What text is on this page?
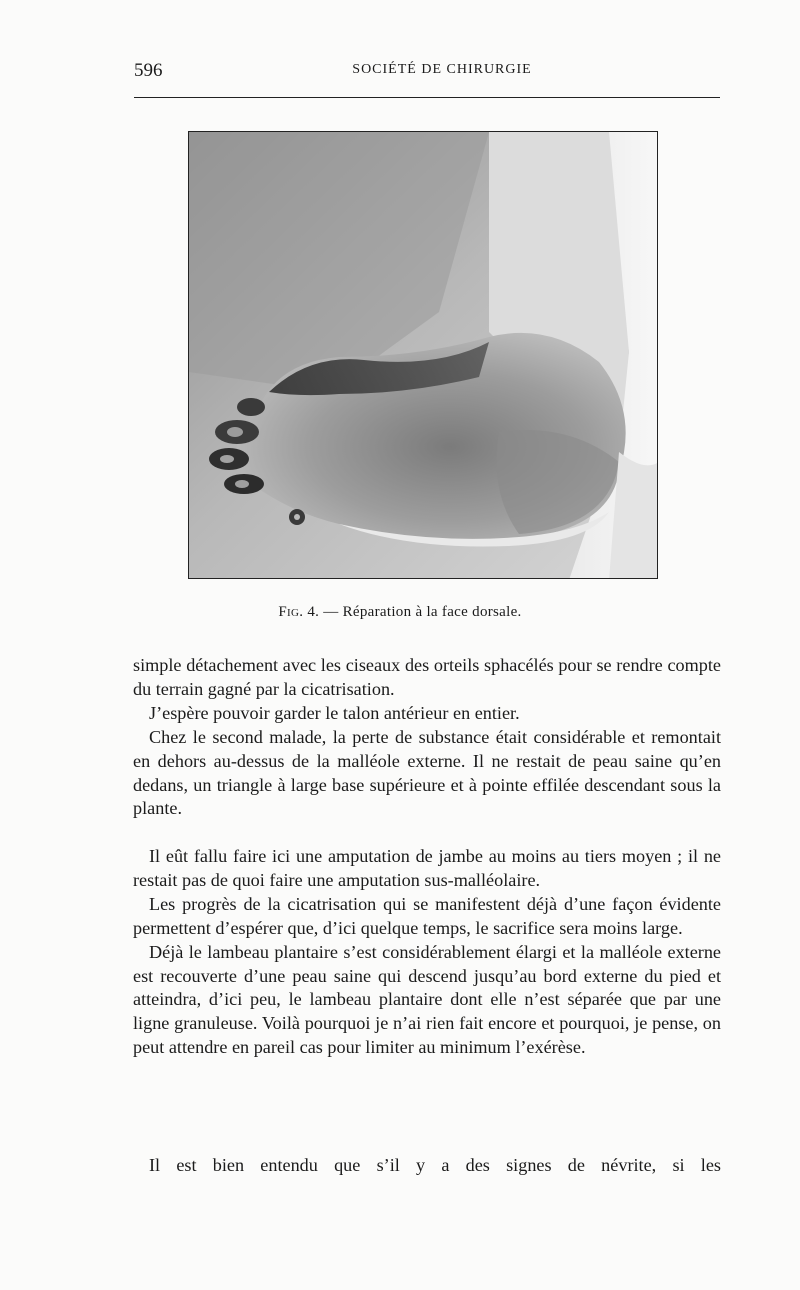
596	SOCIÉTÉ DE CHIRURGIE
Fig. 4. — Réparation à la face dorsale.

simple détachement avec les ciseaux des orteils sphacélés pour se rendre compte du terrain gagné par la cicatrisation.

J’espère pouvoir garder le talon antérieur en entier.

Chez le second malade, la perte de substance était considérable et remontait en dehors au-dessus de la malléole externe. Il ne restait de peau saine qu’en dedans, un triangle à large base supérieure et à pointe effilée descendant sous la plante.

Il eût fallu faire ici une amputation de jambe au moins au tiers moyen ; il ne restait pas de quoi faire une amputation sus-malléolaire.

Les progrès de la cicatrisation qui se manifestent déjà d’une façon évidente permettent d’espérer que, d’ici quelque temps, le sacrifice sera moins large.

Déjà le lambeau plantaire s’est considérablement élargi et la malléole externe est recouverte d’une peau saine qui descend jusqu’au bord externe du pied et atteindra, d’ici peu, le lambeau plantaire dont elle n’est séparée que par une ligne granuleuse. Voilà pourquoi je n’ai rien fait encore et pourquoi, je pense, on peut attendre en pareil cas pour limiter au minimum l’exérèse.

Il est bien entendu que s’il y a des signes de névrite, si les
